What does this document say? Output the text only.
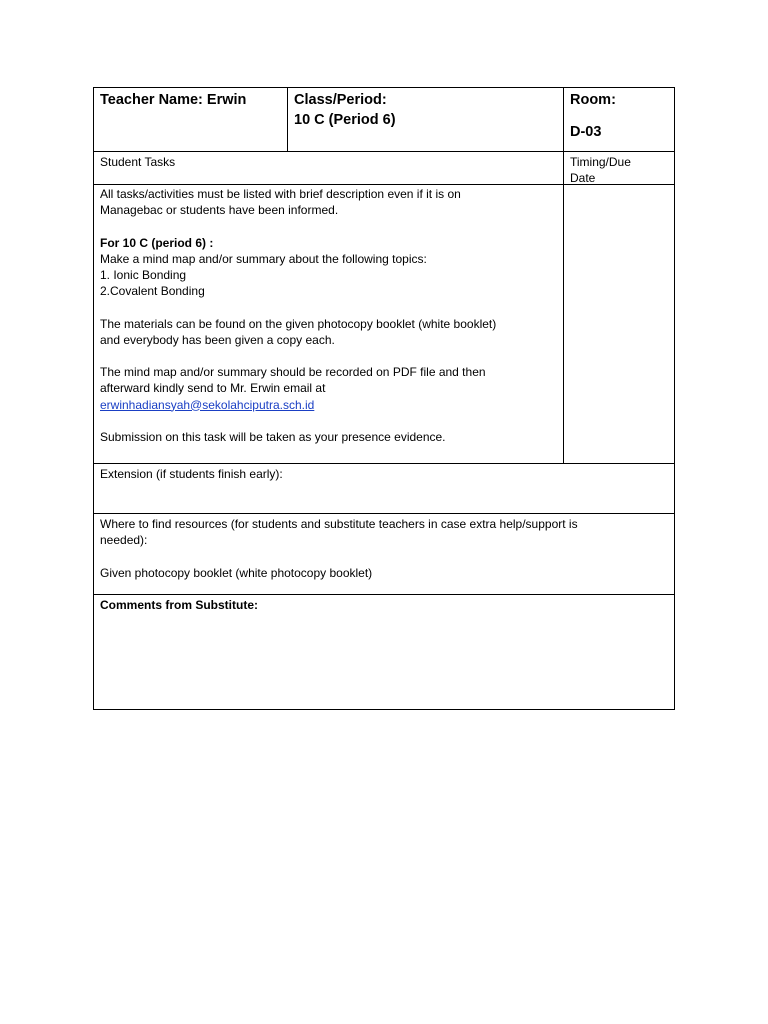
Teacher Name: Erwin	Class/Period:

10 C (Period 6)

Room:

D-03

Student Tasks	Timing/Due

Date

All tasks/activities must be listed with brief description even if it is on

Managebac or students have been informed.

For 10 C (period 6) :

Make a mind map and/or summary about the following topics:

1. Ionic Bonding

2.Covalent Bonding

The materials can be found on the given photocopy booklet (white booklet)

and everybody has been given a copy each.

The mind map and/or summary should be recorded on PDF file and then

afterward kindly send to Mr. Erwin email at

erwinhadiansyah@sekolahciputra.sch.id

Submission on this task will be taken as your presence evidence.

Extension (if students finish early):

Where to find resources (for students and substitute teachers in case extra help/support is

needed):

Given photocopy booklet (white photocopy booklet)

Comments from Substitute:
